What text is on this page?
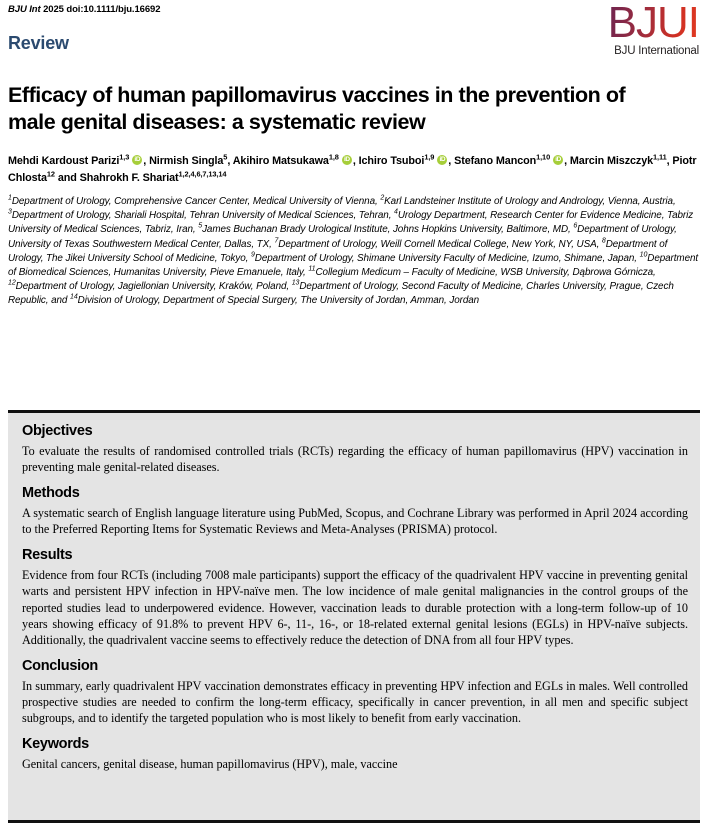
BJU Int 2025 doi:10.1111/bju.16692
Review	BJUI
BJU International
Efficacy of human papillomavirus vaccines in the prevention of male genital diseases: a systematic review
Mehdi Kardoust Parizi$^{1,3}$ iD , Nirmish Singla$^5$, Akihiro Matsukawa$^{1,8}$ iD , Ichiro Tsuboi$^{1,9}$ iD , Stefano Mancon$^{1,10}$ iD , Marcin Miszczyk$^{1,11}$, Piotr Chlosta$^{12}$ and Shahrokh F. Shariat$^{1,2,4,6,7,13,14}$
$^1$Department of Urology, Comprehensive Cancer Center, Medical University of Vienna, $^2$Karl Landsteiner Institute of Urology and Andrology, Vienna, Austria, $^3$Department of Urology, Shariali Hospital, Tehran University of Medical Sciences, Tehran, $^4$Urology Department, Research Center for Evidence Medicine, Tabriz University of Medical Sciences, Tabriz, Iran, $^5$James Buchanan Brady Urological Institute, Johns Hopkins University, Baltimore, MD, $^6$Department of Urology, University of Texas Southwestern Medical Center, Dallas, TX, $^7$Department of Urology, Weill Cornell Medical College, New York, NY, USA, $^8$Department of Urology, The Jikei University School of Medicine, Tokyo, $^9$Department of Urology, Shimane University Faculty of Medicine, Izumo, Shimane, Japan, $^{10}$Department of Biomedical Sciences, Humanitas University, Pieve Emanuele, Italy, $^{11}$Collegium Medicum – Faculty of Medicine, WSB University, Dąbrowa Górnicza, $^{12}$Department of Urology, Jagiellonian University, Kraków, Poland, $^{13}$Department of Urology, Second Faculty of Medicine, Charles University, Prague, Czech Republic, and $^{14}$Division of Urology, Department of Special Surgery, The University of Jordan, Amman, Jordan
Objectives

To evaluate the results of randomised controlled trials (RCTs) regarding the efficacy of human papillomavirus (HPV) vaccination in preventing male genital-related diseases.

Methods

A systematic search of English language literature using PubMed, Scopus, and Cochrane Library was performed in April 2024 according to the Preferred Reporting Items for Systematic Reviews and Meta-Analyses (PRISMA) protocol.

Results

Evidence from four RCTs (including 7008 male participants) support the efficacy of the quadrivalent HPV vaccine in preventing genital warts and persistent HPV infection in HPV-naïve men. The low incidence of male genital malignancies in the control groups of the reported studies lead to underpowered evidence. However, vaccination leads to durable protection with a long-term follow-up of 10 years showing efficacy of 91.8% to prevent HPV 6-, 11-, 16-, or 18-related external genital lesions (EGLs) in HPV-naïve subjects. Additionally, the quadrivalent vaccine seems to effectively reduce the detection of DNA from all four HPV types.

Conclusion

In summary, early quadrivalent HPV vaccination demonstrates efficacy in preventing HPV infection and EGLs in males. Well controlled prospective studies are needed to confirm the long-term efficacy, specifically in cancer prevention, in all men and specific subject subgroups, and to identify the targeted population who is most likely to benefit from early vaccination.

Keywords

Genital cancers, genital disease, human papillomavirus (HPV), male, vaccine
